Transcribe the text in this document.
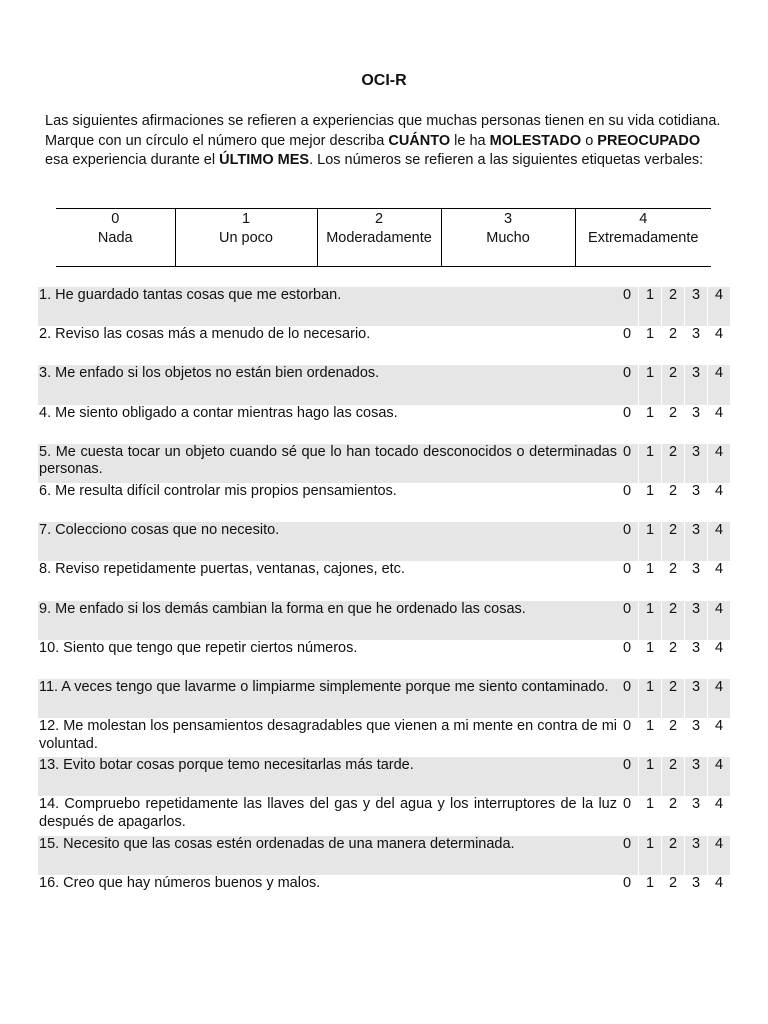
OCI-R
Las siguientes afirmaciones se refieren a experiencias que muchas personas tienen en su vida cotidiana. Marque con un círculo el número que mejor describa CUÁNTO le ha MOLESTADO o PREOCUPADO esa experiencia durante el ÚLTIMO MES. Los números se refieren a las siguientes etiquetas verbales:
0
Nada

1
Un poco

2
Moderadamente

3
Mucho

4
Extremadamente
1. He guardado tantas cosas que me estorban.	0	1	2	3	4
2. Reviso las cosas más a menudo de lo necesario.	0	1	2	3	4
3. Me enfado si los objetos no están bien ordenados.	0	1	2	3	4
4. Me siento obligado a contar mientras hago las cosas.	0	1	2	3	4
5. Me cuesta tocar un objeto cuando sé que lo han tocado desconocidos o determinadas personas.
0	1	2	3	4
6. Me resulta difícil controlar mis propios pensamientos.	0	1	2	3	4
7. Colecciono cosas que no necesito.	0	1	2	3	4
8. Reviso repetidamente puertas, ventanas, cajones, etc.	0	1	2	3	4
9. Me enfado si los demás cambian la forma en que he ordenado las cosas.	0	1	2	3	4
10. Siento que tengo que repetir ciertos números.	0	1	2	3	4
11. A veces tengo que lavarme o limpiarme simplemente porque me siento contaminado. 0	1	2	3	4
12. Me molestan los pensamientos desagradables que vienen a mi mente en contra de mi voluntad.
0	1	2	3	4
13. Evito botar cosas porque temo necesitarlas más tarde.	0	1	2	3	4
14. Compruebo repetidamente las llaves del gas y del agua y los interruptores de la luz después de apagarlos.
0	1	2	3	4
15. Necesito que las cosas estén ordenadas de una manera determinada.	0	1	2	3	4
16. Creo que hay números buenos y malos.	0	1	2	3	4
